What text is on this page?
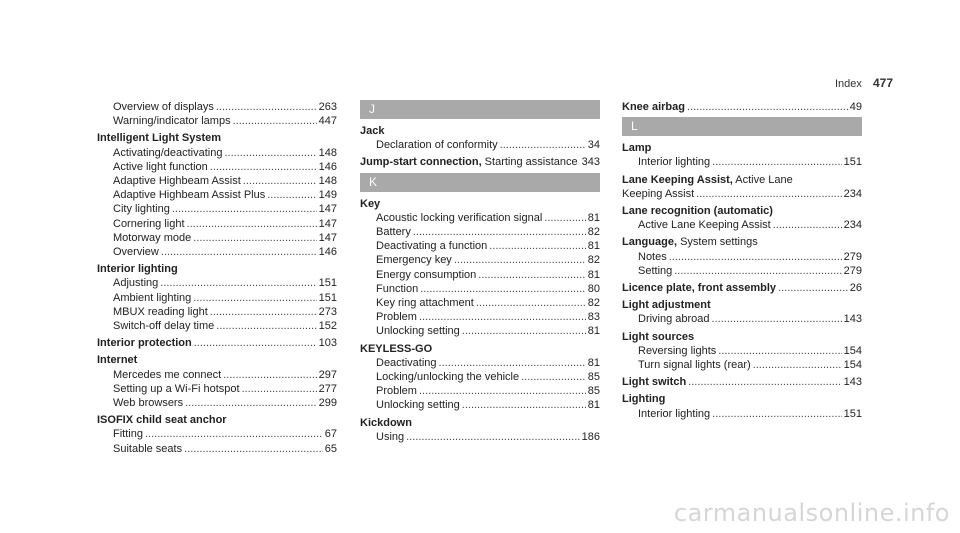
Index 477
Overview of displays .....	263
Warning/indicator lamps .....	447
Intelligent Light System
Activating/deactivating .....	148
Active light function .....	146
Adaptive Highbeam Assist .....	148
Adaptive Highbeam Assist Plus .....	149
City lighting .....	147
Cornering light .....	147
Motorway mode .....	147
Overview .....	146
Interior lighting
Adjusting .....	151
Ambient lighting .....	151
MBUX reading light .....	273
Switch-off delay time .....	152
Interior protection .....	103
Internet
Mercedes me connect .....	297
Setting up a Wi-Fi hotspot .....	277
Web browsers .....	299
ISOFIX child seat anchor
Fitting .....	67
Suitable seats .....	65
J
Jack
Declaration of conformity .....	34
Jump-start connection, Starting assistance ..... 343
K
Key
Acoustic locking verification signal .....	81
Battery .....	82
Deactivating a function .....	81
Emergency key .....	82
Energy consumption .....	81
Function .....	80
Key ring attachment .....	82
Problem .....	83
Unlocking setting .....	81
KEYLESS-GO
Deactivating .....	81
Locking/unlocking the vehicle .....	85
Problem .....	85
Unlocking setting .....	81
Kickdown
Using .....	186
Knee airbag .....	49
L
Lamp
Interior lighting .....	151
Lane Keeping Assist, Active Lane
Keeping Assist .....	234
Lane recognition (automatic)
Active Lane Keeping Assist .....	234
Language, System settings
Notes .....	279
Setting .....	279
Licence plate, front assembly .....	26
Light adjustment
Driving abroad .....	143
Light sources
Reversing lights .....	154
Turn signal lights (rear) .....	154
Light switch .....	143
Lighting
Interior lighting .....	151
carmanualsonline.info
